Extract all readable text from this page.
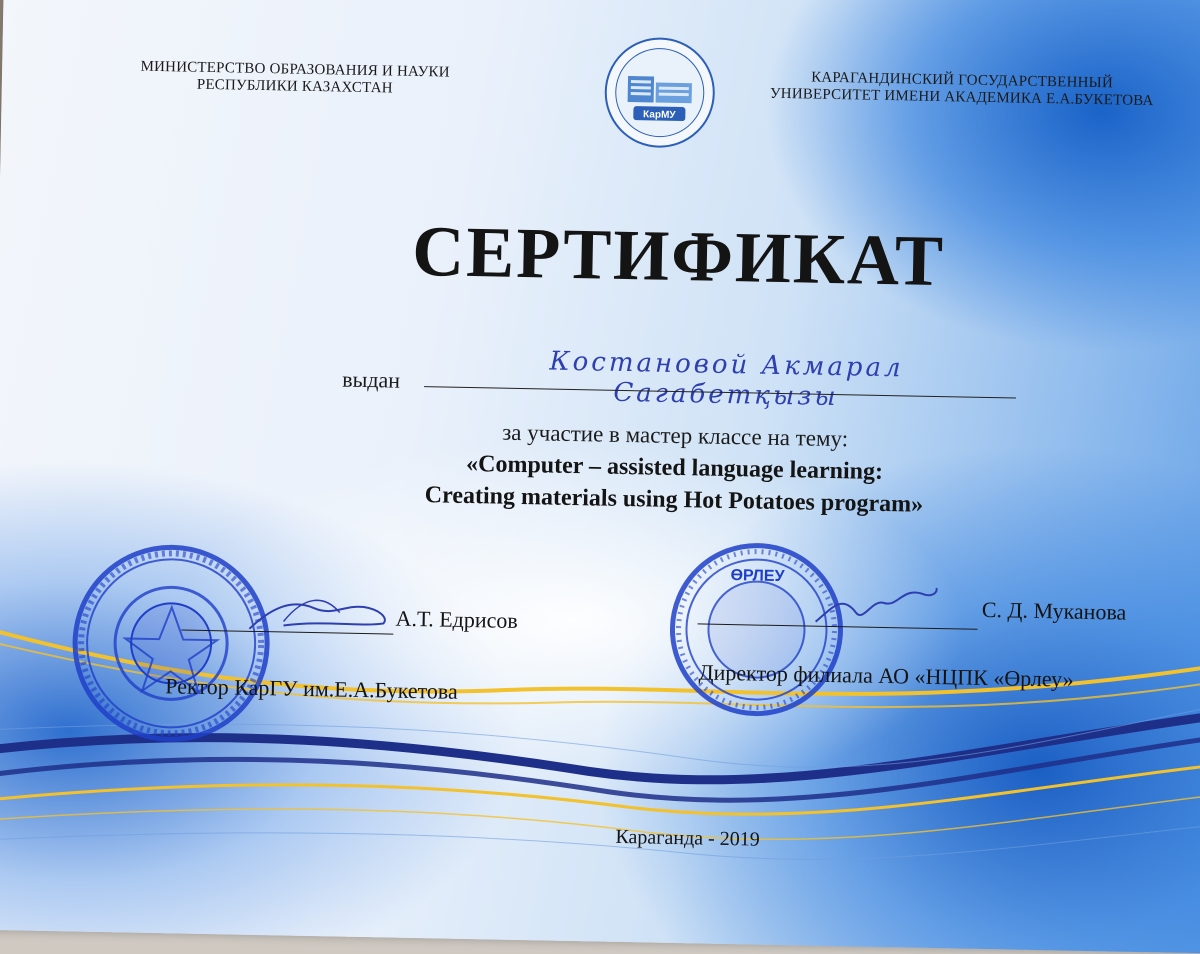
МИНИСТЕРСТВО ОБРАЗОВАНИЯ И НАУКИ
РЕСПУБЛИКИ КАЗАХСТАН
КарМУ
КАРАГАНДИНСКИЙ ГОСУДАРСТВЕННЫЙ
УНИВЕРСИТЕТ ИМЕНИ АКАДЕМИКА Е.А.БУКЕТОВА
СЕРТИФИКАТ
выдан	Костановой Акмарал Сагабетқызы
за участие в мастер классе на тему:
«Computer – assisted language learning:
Creating materials using Hot Potatoes program»
А.Т. Едрисов
Ректор КарГУ им.Е.А.Букетова
ӨРЛЕУ
С. Д. Муканова
Директор филиала АО «НЦПК «Өрлеу»
Караганда - 2019
